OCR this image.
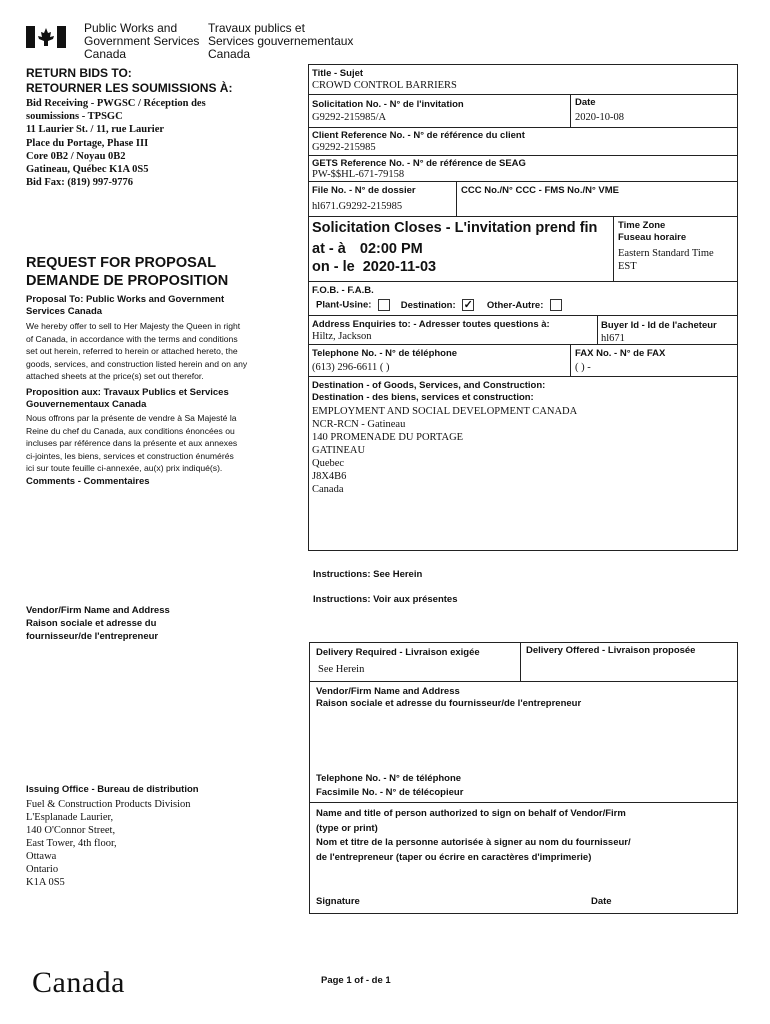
Public Works and
Government Services
Canada
Travaux publics et
Services gouvernementaux
Canada
RETURN BIDS TO:
RETOURNER LES SOUMISSIONS À:
Bid Receiving - PWGSC / Réception des
soumissions - TPSGC
11 Laurier St. / 11, rue Laurier
Place du Portage, Phase III
Core 0B2 / Noyau 0B2
Gatineau, Québec K1A 0S5
Bid Fax: (819) 997-9776
REQUEST FOR PROPOSAL
DEMANDE DE PROPOSITION
Proposal To: Public Works and Government
Services Canada
We hereby offer to sell to Her Majesty the Queen in right
of Canada, in accordance with the terms and conditions
set out herein, referred to herein or attached hereto, the
goods, services, and construction listed herein and on any
attached sheets at the price(s) set out therefor.
Proposition aux: Travaux Publics et Services
Gouvernementaux Canada
Nous offrons par la présente de vendre à Sa Majesté la
Reine du chef du Canada, aux conditions énoncées ou
incluses par référence dans la présente et aux annexes
ci-jointes, les biens, services et construction énumérés
ici sur toute feuille ci-annexée, au(x) prix indiqué(s).
Comments - Commentaires
Vendor/Firm Name and Address
Raison sociale et adresse du
fournisseur/de l'entrepreneur
Issuing Office - Bureau de distribution
Fuel & Construction Products Division
L'Esplanade Laurier,
140 O'Connor Street,
East Tower, 4th floor,
Ottawa
Ontario
K1A 0S5
Canada
Title - Sujet
CROWD CONTROL BARRIERS
Solicitation No. - N° de l'invitation
G9292-215985/A
Date
2020-10-08
Client Reference No. - N° de référence du client
G9292-215985
GETS Reference No. - N° de référence de SEAG
PW-$$HL-671-79158
File No. - N° de dossier
hl671.G9292-215985
CCC No./N° CCC - FMS No./N° VME
Solicitation Closes - L'invitation prend fin
at - à 02:00 PM
on - le 2020-11-03
Time Zone
Fuseau horaire
Eastern Standard Time
EST
F.O.B. - F.A.B.
Plant-Usine:	Destination: ✓ Other-Autre:
Address Enquiries to: - Adresser toutes questions à:
Hiltz, Jackson
Buyer Id - Id de l'acheteur
hl671
Telephone No. - N° de téléphone
(613) 296-6611 ( )
FAX No. - N° de FAX
( ) -
Destination - of Goods, Services, and Construction:
Destination - des biens, services et construction:
EMPLOYMENT AND SOCIAL DEVELOPMENT CANADA
NCR-RCN - Gatineau
140 PROMENADE DU PORTAGE
GATINEAU
Quebec
J8X4B6
Canada
Instructions: See Herein
Instructions: Voir aux présentes
Delivery Required - Livraison exigée
See Herein
Delivery Offered - Livraison proposée
Vendor/Firm Name and Address
Raison sociale et adresse du fournisseur/de l'entrepreneur
Telephone No. - N° de téléphone
Facsimile No. - N° de télécopieur
Name and title of person authorized to sign on behalf of Vendor/Firm
(type or print)
Nom et titre de la personne autorisée à signer au nom du fournisseur/
de l'entrepreneur (taper ou écrire en caractères d'imprimerie)
Signature	Date
Page 1 of - de 1
